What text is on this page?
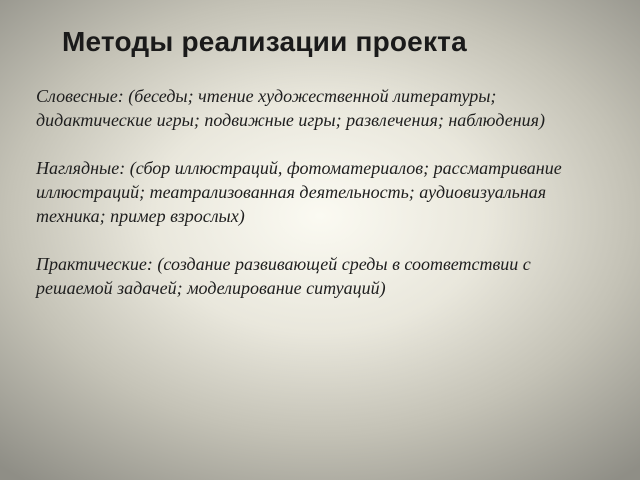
Методы реализации проекта

Словесные: (беседы; чтение художественной литературы;
дидактические игры; подвижные игры; развлечения; наблюдения)

Наглядные: (сбор иллюстраций, фотоматериалов; рассматривание
иллюстраций; театрализованная деятельность; аудиовизуальная
техника; пример взрослых)

Практические: (создание развивающей среды в соответствии с
решаемой задачей; моделирование ситуаций)
